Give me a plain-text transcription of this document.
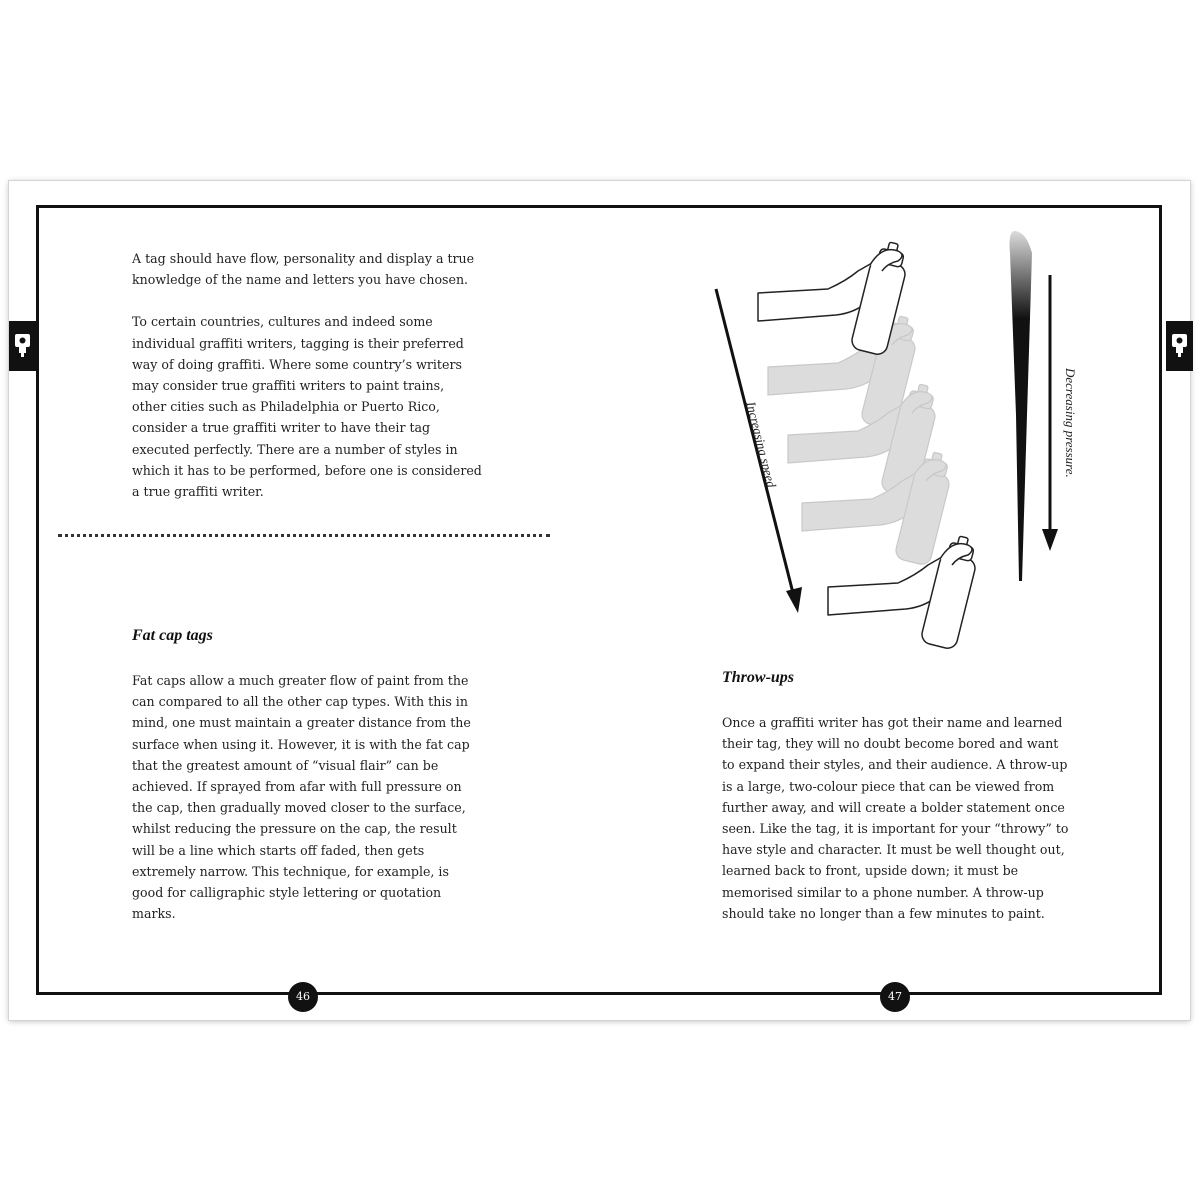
A tag should have flow, personality and display a true knowledge of the name and letters you have chosen.

To certain countries, cultures and indeed some individual graffiti writers, tagging is their preferred way of doing graffiti. Where some country’s writers may consider true graffiti writers to paint trains, other cities such as Philadelphia or Puerto Rico, consider a true graffiti writer to have their tag executed perfectly. There are a number of styles in which it has to be performed, before one is considered a true graffiti writer.

Fat cap tags

Fat caps allow a much greater flow of paint from the can compared to all the other cap types. With this in mind, one must maintain a greater distance from the surface when using it. However, it is with the fat cap that the greatest amount of “visual flair” can be achieved. If sprayed from afar with full pressure on the cap, then gradually moved closer to the surface, whilst reducing the pressure on the cap, the result will be a line which starts off faded, then gets extremely narrow. This technique, for example, is good for calligraphic style lettering or quotation marks.

46
Increasing speed	Decreasing pressure.
Throw-ups

Once a graffiti writer has got their name and learned their tag, they will no doubt become bored and want to expand their styles, and their audience. A throw-up is a large, two-colour piece that can be viewed from further away, and will create a bolder statement once seen. Like the tag, it is important for your “throwy” to have style and character. It must be well thought out, learned back to front, upside down; it must be memorised similar to a phone number. A throw-up should take no longer than a few minutes to paint.

47
